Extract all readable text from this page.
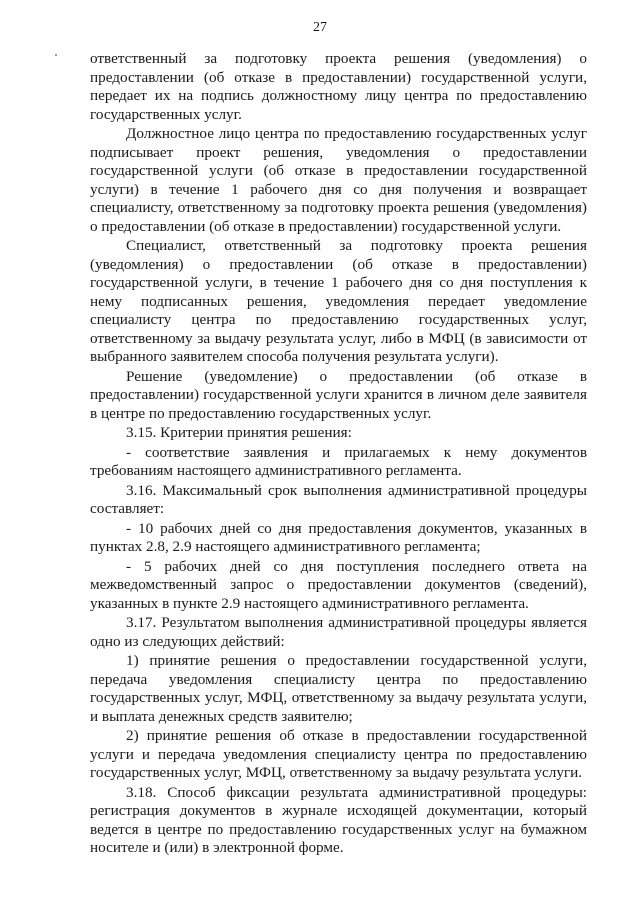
27

ответственный за подготовку проекта решения (уведомления) о предоставлении (об отказе в предоставлении) государственной услуги, передает их на подпись должностному лицу центра по предоставлению государственных услуг.

Должностное лицо центра по предоставлению государственных услуг подписывает проект решения, уведомления о предоставлении государственной услуги (об отказе в предоставлении государственной услуги) в течение 1 рабочего дня со дня получения и возвращает специалисту, ответственному за подготовку проекта решения (уведомления) о предоставлении (об отказе в предоставлении) государственной услуги.

Специалист, ответственный за подготовку проекта решения (уведомления) о предоставлении (об отказе в предоставлении) государственной услуги, в течение 1 рабочего дня со дня поступления к нему подписанных решения, уведомления передает уведомление специалисту центра по предоставлению государственных услуг, ответственному за выдачу результата услуг, либо в МФЦ (в зависимости от выбранного заявителем способа получения результата услуги).

Решение (уведомление) о предоставлении (об отказе в предоставлении) государственной услуги хранится в личном деле заявителя в центре по предоставлению государственных услуг.

3.15. Критерии принятия решения:

- соответствие заявления и прилагаемых к нему документов требованиям настоящего административного регламента.

3.16. Максимальный срок выполнения административной процедуры составляет:

- 10 рабочих дней со дня предоставления документов, указанных в пунктах 2.8, 2.9 настоящего административного регламента;

- 5 рабочих дней со дня поступления последнего ответа на межведомственный запрос о предоставлении документов (сведений), указанных в пункте 2.9 настоящего административного регламента.

3.17. Результатом выполнения административной процедуры является одно из следующих действий:

1) принятие решения о предоставлении государственной услуги, передача уведомления специалисту центра по предоставлению государственных услуг, МФЦ, ответственному за выдачу результата услуги, и выплата денежных средств заявителю;

2) принятие решения об отказе в предоставлении государственной услуги и передача уведомления специалисту центра по предоставлению государственных услуг, МФЦ, ответственному за выдачу результата услуги.

3.18. Способ фиксации результата административной процедуры: регистрация документов в журнале исходящей документации, который ведется в центре по предоставлению государственных услуг на бумажном носителе и (или) в электронной форме.
